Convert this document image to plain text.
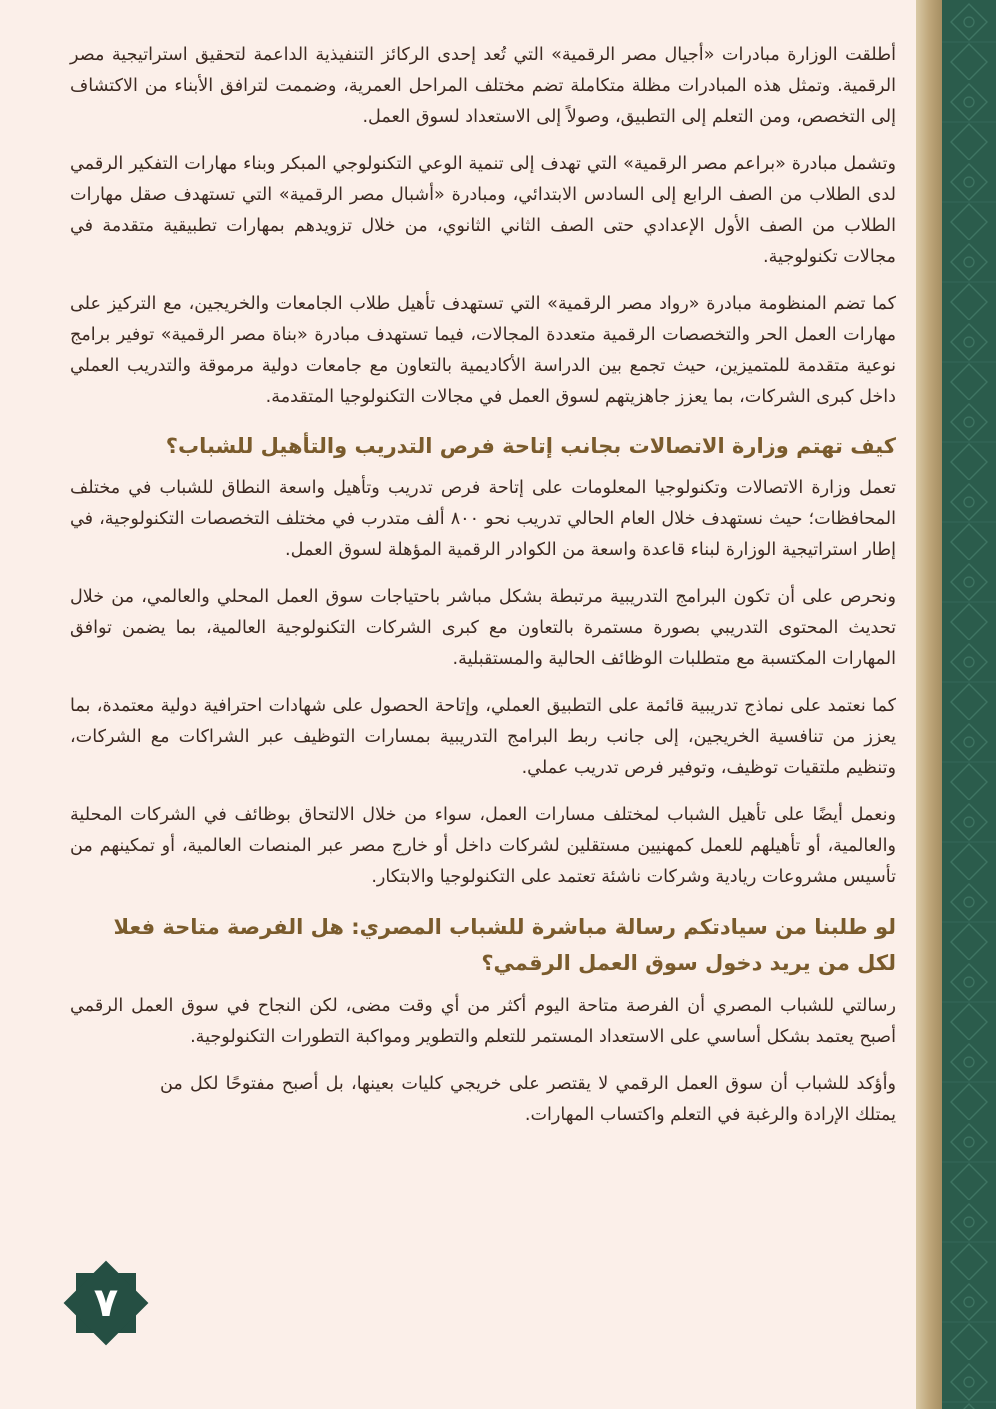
أطلقت الوزارة مبادرات «أجيال مصر الرقمية» التي تُعد إحدى الركائز التنفيذية الداعمة لتحقيق استراتيجية مصر الرقمية. وتمثل هذه المبادرات مظلة متكاملة تضم مختلف المراحل العمرية، وضممت لترافق الأبناء من الاكتشاف إلى التخصص، ومن التعلم إلى التطبيق، وصولاً إلى الاستعداد لسوق العمل.

وتشمل مبادرة «براعم مصر الرقمية» التي تهدف إلى تنمية الوعي التكنولوجي المبكر وبناء مهارات التفكير الرقمي لدى الطلاب من الصف الرابع إلى السادس الابتدائي، ومبادرة «أشبال مصر الرقمية» التي تستهدف صقل مهارات الطلاب من الصف الأول الإعدادي حتى الصف الثاني الثانوي، من خلال تزويدهم بمهارات تطبيقية متقدمة في مجالات تكنولوجية.

كما تضم المنظومة مبادرة «رواد مصر الرقمية» التي تستهدف تأهيل طلاب الجامعات والخريجين، مع التركيز على مهارات العمل الحر والتخصصات الرقمية متعددة المجالات، فيما تستهدف مبادرة «بناة مصر الرقمية» توفير برامج نوعية متقدمة للمتميزين، حيث تجمع بين الدراسة الأكاديمية بالتعاون مع جامعات دولية مرموقة والتدريب العملي داخل كبرى الشركات، بما يعزز جاهزيتهم لسوق العمل في مجالات التكنولوجيا المتقدمة.

كيف تهتم وزارة الاتصالات بجانب إتاحة فرص التدريب والتأهيل للشباب؟

تعمل وزارة الاتصالات وتكنولوجيا المعلومات على إتاحة فرص تدريب وتأهيل واسعة النطاق للشباب في مختلف المحافظات؛ حيث نستهدف خلال العام الحالي تدريب نحو ٨٠٠ ألف متدرب في مختلف التخصصات التكنولوجية، في إطار استراتيجية الوزارة لبناء قاعدة واسعة من الكوادر الرقمية المؤهلة لسوق العمل.

ونحرص على أن تكون البرامج التدريبية مرتبطة بشكل مباشر باحتياجات سوق العمل المحلي والعالمي، من خلال تحديث المحتوى التدريبي بصورة مستمرة بالتعاون مع كبرى الشركات التكنولوجية العالمية، بما يضمن توافق المهارات المكتسبة مع متطلبات الوظائف الحالية والمستقبلية.

كما نعتمد على نماذج تدريبية قائمة على التطبيق العملي، وإتاحة الحصول على شهادات احترافية دولية معتمدة، بما يعزز من تنافسية الخريجين، إلى جانب ربط البرامج التدريبية بمسارات التوظيف عبر الشراكات مع الشركات، وتنظيم ملتقيات توظيف، وتوفير فرص تدريب عملي.

ونعمل أيضًا على تأهيل الشباب لمختلف مسارات العمل، سواء من خلال الالتحاق بوظائف في الشركات المحلية والعالمية، أو تأهيلهم للعمل كمهنيين مستقلين لشركات داخل أو خارج مصر عبر المنصات العالمية، أو تمكينهم من تأسيس مشروعات ريادية وشركات ناشئة تعتمد على التكنولوجيا والابتكار.

لو طلبنا من سيادتكم رسالة مباشرة للشباب المصري: هل الفرصة متاحة فعلا لكل من يريد دخول سوق العمل الرقمي؟

رسالتي للشباب المصري أن الفرصة متاحة اليوم أكثر من أي وقت مضى، لكن النجاح في سوق العمل الرقمي أصبح يعتمد بشكل أساسي على الاستعداد المستمر للتعلم والتطوير ومواكبة التطورات التكنولوجية.

وأؤكد للشباب أن سوق العمل الرقمي لا يقتصر على خريجي كليات بعينها، بل أصبح مفتوحًا لكل من يمتلك الإرادة والرغبة في التعلم واكتساب المهارات.

٧
